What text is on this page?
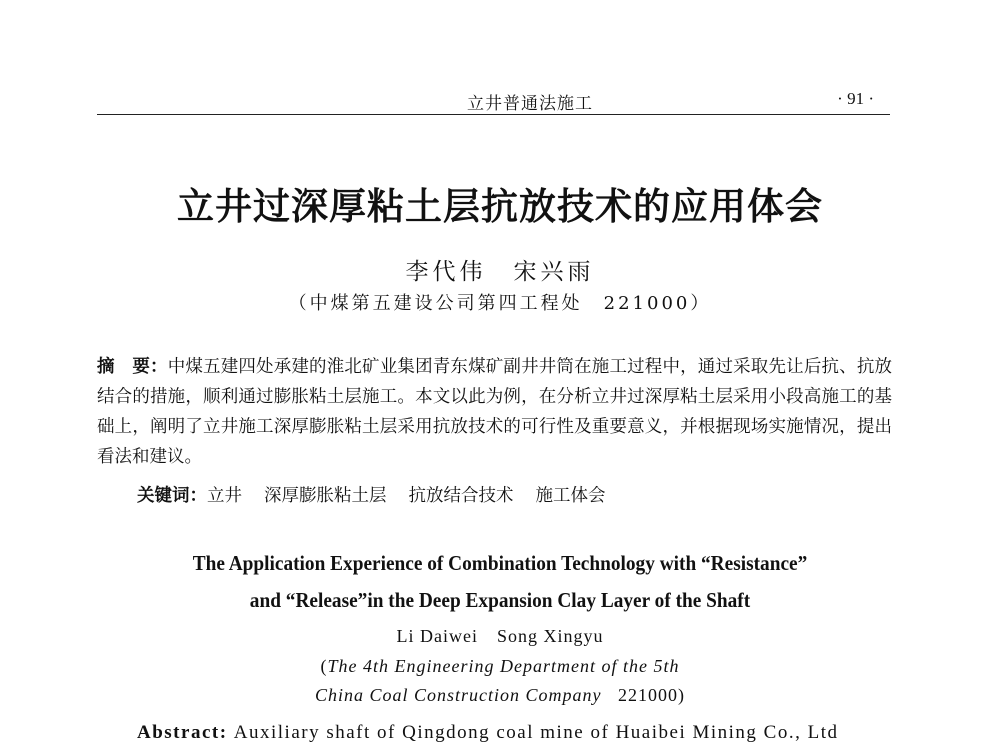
立井普通法施工	· 91 ·
立井过深厚粘土层抗放技术的应用体会
李代伟　宋兴雨
（中煤第五建设公司第四工程处　221000）
摘　要：中煤五建四处承建的淮北矿业集团青东煤矿副井井筒在施工过程中，通过采取先让后抗、抗放结合的措施，顺利通过膨胀粘土层施工。本文以此为例，在分析立井过深厚粘土层采用小段高施工的基础上，阐明了立井施工深厚膨胀粘土层采用抗放技术的可行性及重要意义，并根据现场实施情况，提出看法和建议。
关键词：立井 深厚膨胀粘土层 抗放结合技术 施工体会
The Application Experience of Combination Technology with “Resistance”
and “Release”in the Deep Expansion Clay Layer of the Shaft
Li Daiwei　Song Xingyu
(The 4th Engineering Department of the 5th
China Coal Construction Company 221000)
Abstract: Auxiliary shaft of Qingdong coal mine of Huaibei Mining Co., Ltd
